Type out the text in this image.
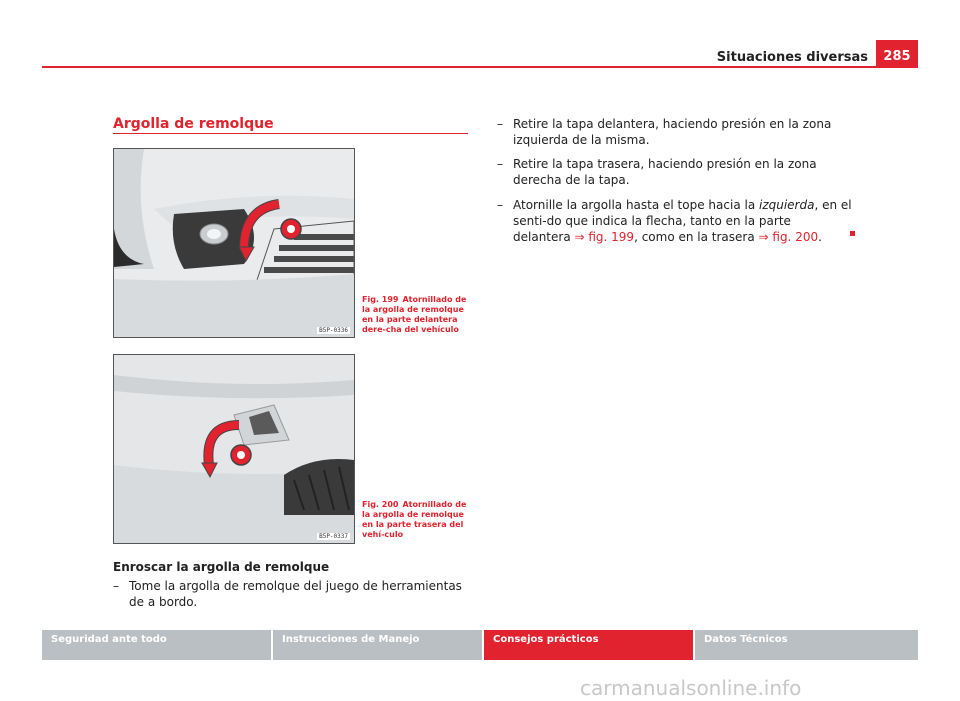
Situaciones diversas	285
Argolla de remolque
B5P-0336
Fig. 199 Atornillado de la argolla de remolque en la parte delantera dere-cha del vehículo
B5P-0337
Fig. 200 Atornillado de la argolla de remolque en la parte trasera del vehí-culo
Enroscar la argolla de remolque
– Tome la argolla de remolque del juego de herramientas de a bordo.
– Retire la tapa delantera, haciendo presión en la zona izquierda de la misma.
– Retire la tapa trasera, haciendo presión en la zona derecha de la tapa.
– Atornille la argolla hasta el tope hacia la izquierda, en el senti-do que indica la flecha, tanto en la parte delantera ⇒ fig. 199, como en la trasera ⇒ fig. 200.
Seguridad ante todo	Instrucciones de Manejo	Consejos prácticos	Datos Técnicos
carmanualsonline.info
